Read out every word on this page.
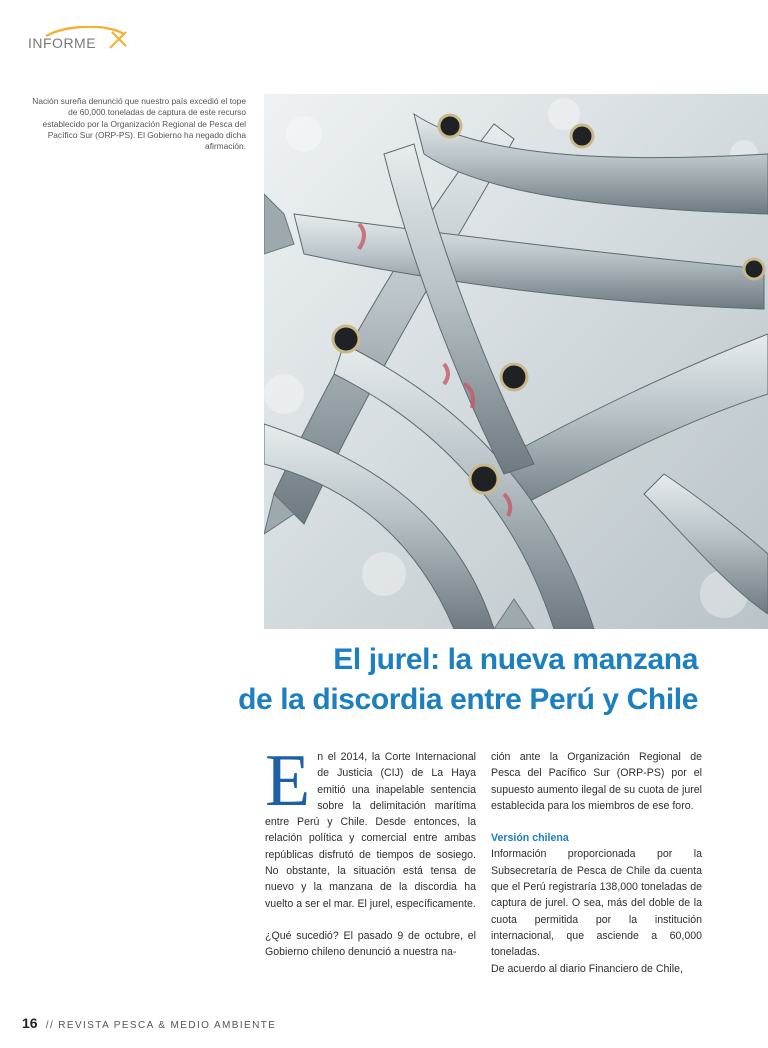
INFORME
Nación sureña denunció que nuestro país excedió el tope de 60,000 toneladas de captura de este recurso establecido por la Organización Regional de Pesca del Pacífico Sur (ORP-PS). El Gobierno ha negado dicha afirmación.
El jurel: la nueva manzana
de la discordia entre Perú y Chile

En el 2014, la Corte Internacional de Justicia (CIJ) de La Haya emitió una inapelable sentencia sobre la delimitación marítima entre Perú y Chile. Desde entonces, la relación política y comercial entre ambas repúblicas disfrutó de tiempos de sosiego. No obstante, la situación está tensa de nuevo y la manzana de la discordia ha vuelto a ser el mar. El jurel, específicamente.

¿Qué sucedió? El pasado 9 de octubre, el Gobierno chileno denunció a nuestra na-

ción ante la Organización Regional de Pesca del Pacífico Sur (ORP-PS) por el supuesto aumento ilegal de su cuota de jurel establecida para los miembros de ese foro.

Versión chilena
Información proporcionada por la Subsecretaría de Pesca de Chile da cuenta que el Perú registraría 138,000 toneladas de captura de jurel. O sea, más del doble de la cuota permitida por la institución internacional, que asciende a 60,000 toneladas.
De acuerdo al diario Financiero de Chile,
16 // REVISTA PESCA & MEDIO AMBIENTE
